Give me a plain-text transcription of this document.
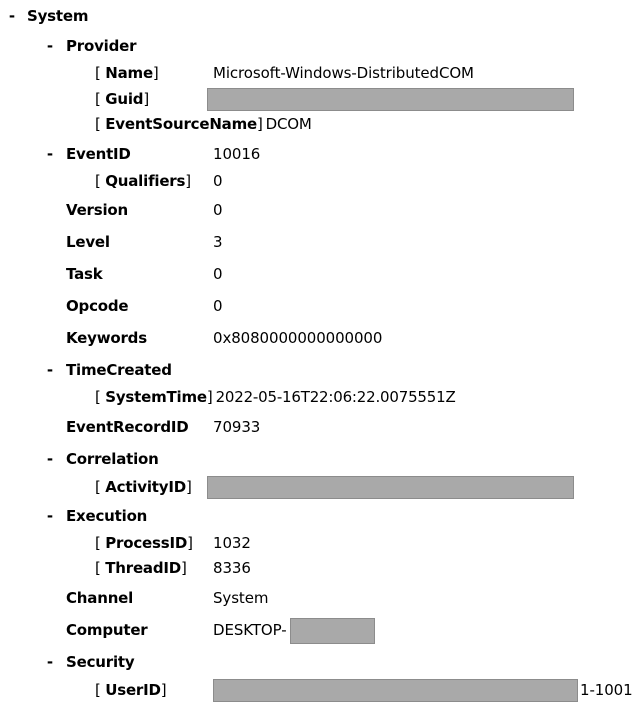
- System
- Provider
[ Name]	Microsoft-Windows-DistributedCOM
[ Guid]
[ EventSourceName] DCOM
- EventID	10016
[ Qualifiers] 0
Version	0
Level	3
Task	0
Opcode	0
Keywords	0x8080000000000000
- TimeCreated
[ SystemTime] 2022-05-16T22:06:22.0075551Z
EventRecordID 70933
- Correlation
[ ActivityID]
- Execution
[ ProcessID] 1032
[ ThreadID] 8336
Channel	System
Computer	DESKTOP-
- Security
[ UserID]	1-1001
